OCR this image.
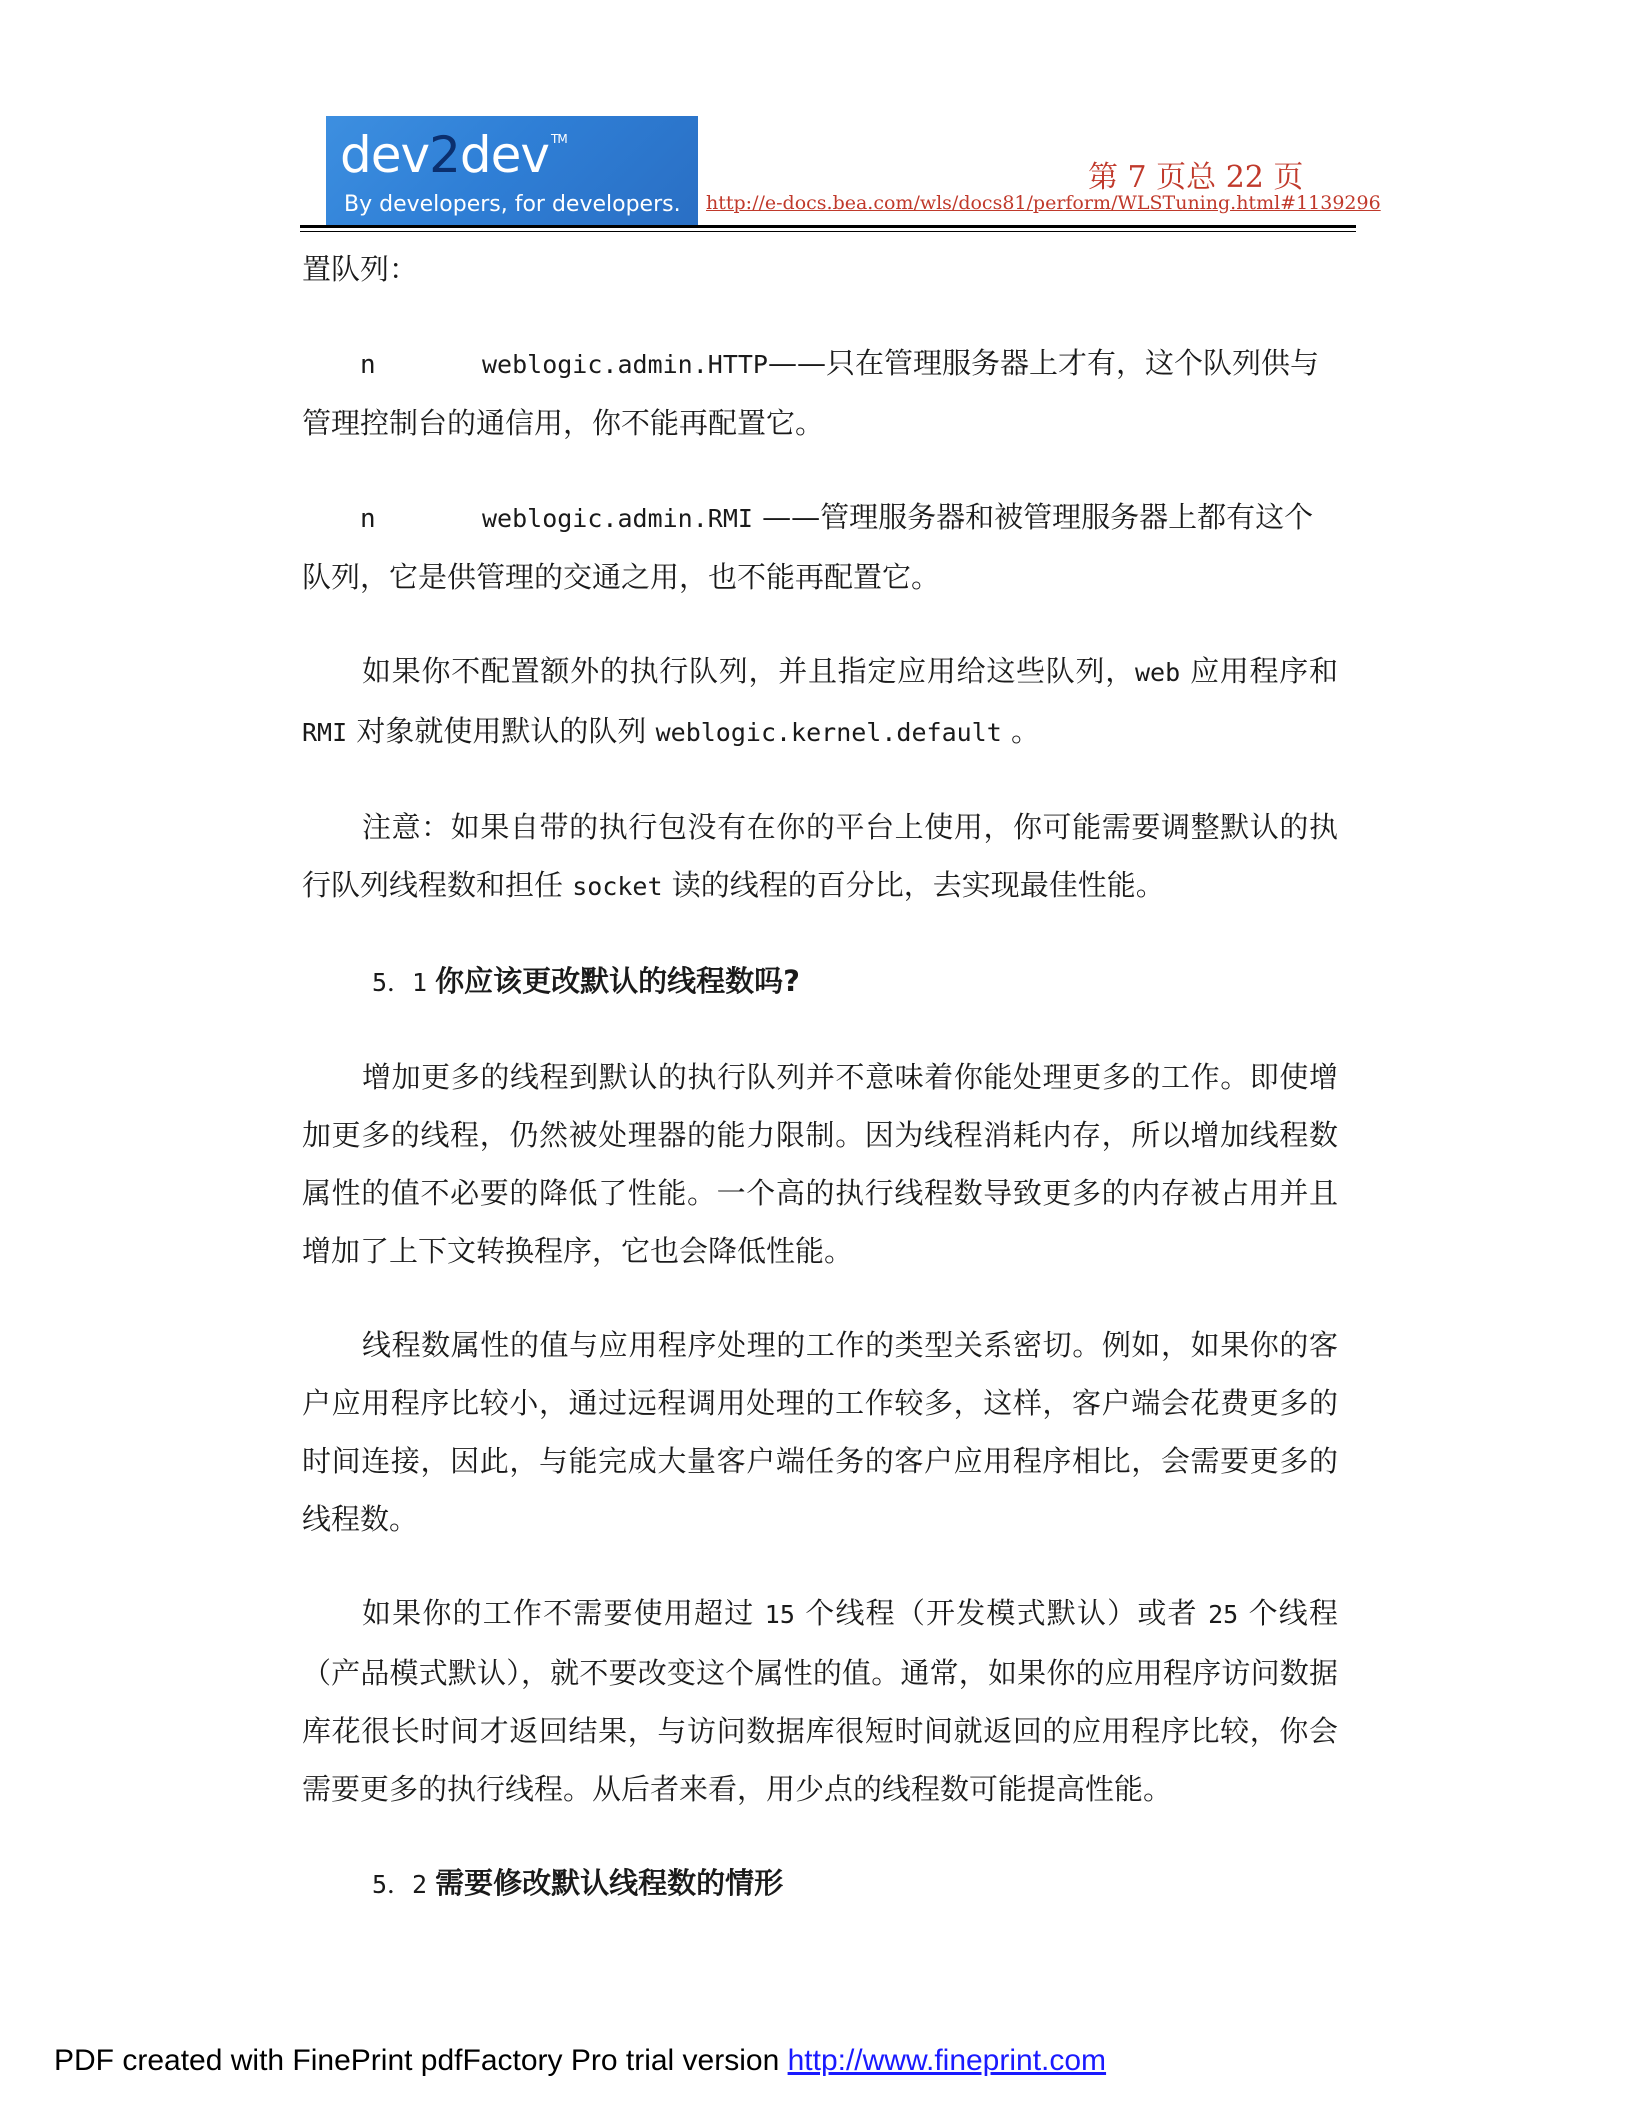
dev2dev ™
By developers, for developers.
第 7 页总 22 页
http://e-docs.bea.com/wls/docs81/perform/WLSTuning.html#1139296

置队列：

n	weblogic.admin.HTTP——只在管理服务器上才有，这个队列供与
管理控制台的通信用，你不能再配置它。

n	weblogic.admin.RMI ——管理服务器和被管理服务器上都有这个
队列，它是供管理的交通之用，也不能再配置它。

如果你不配置额外的执行队列，并且指定应用给这些队列，web 应用程序和RMI 对象就使用默认的队列 weblogic.kernel.default 。

注意：如果自带的执行包没有在你的平台上使用，你可能需要调整默认的执行队列线程数和担任 socket 读的线程的百分比，去实现最佳性能。

5．1 你应该更改默认的线程数吗?

增加更多的线程到默认的执行队列并不意味着你能处理更多的工作。即使增加更多的线程，仍然被处理器的能力限制。因为线程消耗内存，所以增加线程数属性的值不必要的降低了性能。一个高的执行线程数导致更多的内存被占用并且增加了上下文转换程序，它也会降低性能。

线程数属性的值与应用程序处理的工作的类型关系密切。例如，如果你的客户应用程序比较小，通过远程调用处理的工作较多，这样，客户端会花费更多的时间连接，因此，与能完成大量客户端任务的客户应用程序相比，会需要更多的线程数。

如果你的工作不需要使用超过 15 个线程（开发模式默认）或者 25 个线程（产品模式默认），就不要改变这个属性的值。通常，如果你的应用程序访问数据库花很长时间才返回结果，与访问数据库很短时间就返回的应用程序比较，你会需要更多的执行线程。从后者来看，用少点的线程数可能提高性能。

5．2 需要修改默认线程数的情形
PDF created with FinePrint pdfFactory Pro trial version http://www.fineprint.com
